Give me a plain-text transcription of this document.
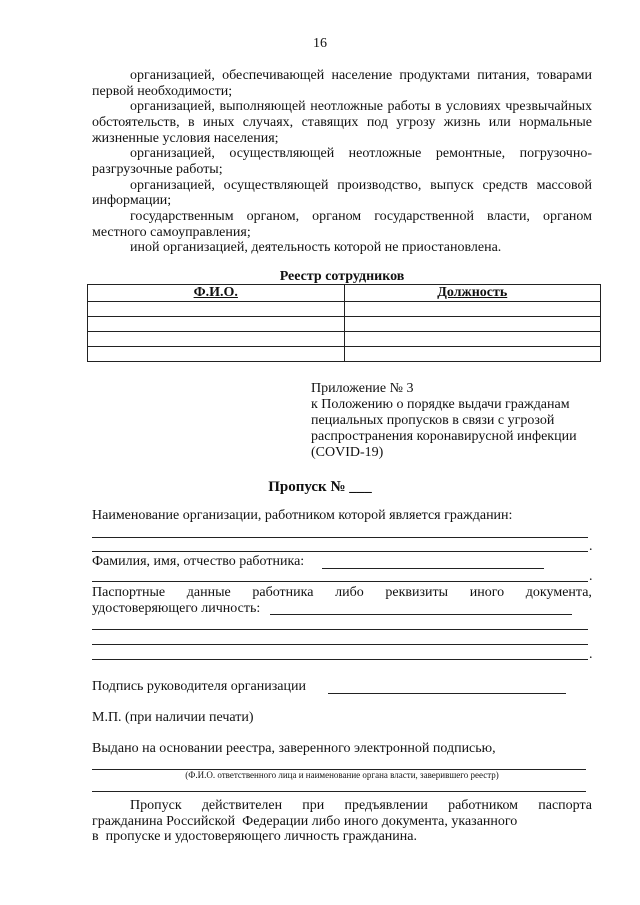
16

организацией, обеспечивающей население продуктами питания, товарами первой необходимости;

организацией, выполняющей неотложные работы в условиях чрезвычайных обстоятельств, в иных случаях, ставящих под угрозу жизнь или нормальные жизненные условия населения;

организацией, осуществляющей неотложные ремонтные, погрузочно-разгрузочные работы;

организацией, осуществляющей производство, выпуск средств массовой информации;

государственным органом, органом государственной власти, органом местного самоуправления;

иной организацией, деятельность которой не приостановлена.

Реестр сотрудников
Ф.И.О.	Должность

Приложение № 3
к Положению о порядке выдачи гражданам
пециальных пропусков в связи с угрозой
распространения коронавирусной инфекции
(COVID-19)
Пропуск № ___
Наименование организации, работником которой является гражданин:
.
Фамилия, имя, отчество работника:
.
Паспортные данные работника либо реквизиты иного документа,
удостоверяющего личность:
.
Подпись руководителя организации
М.П. (при наличии печати)
Выдано на основании реестра, заверенного электронной подписью,
(Ф.И.О. ответственного лица и наименование органа власти, заверившего реестр)
Пропуск действителен при предъявлении работником паспорта
гражданина Российской  Федерации либо иного документа, указанного
в  пропуске и удостоверяющего личность гражданина.
